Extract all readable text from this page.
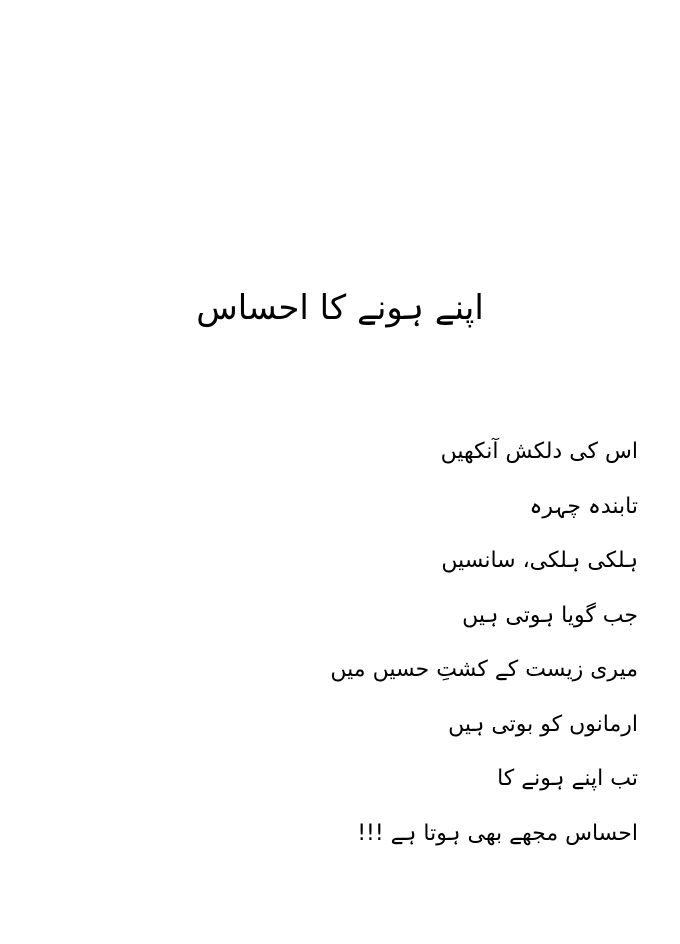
اپنے ہونے کا احساس
اس کی دلکش آنکھیں
تابندہ چہرہ
ہلکی ہلکی، سانسیں
جب گویا ہوتی ہیں
میری زیست کے کشتِ حسیں میں
ارمانوں کو بوتی ہیں
تب اپنے ہونے کا
احساس مجھے بھی ہوتا ہے !!!
